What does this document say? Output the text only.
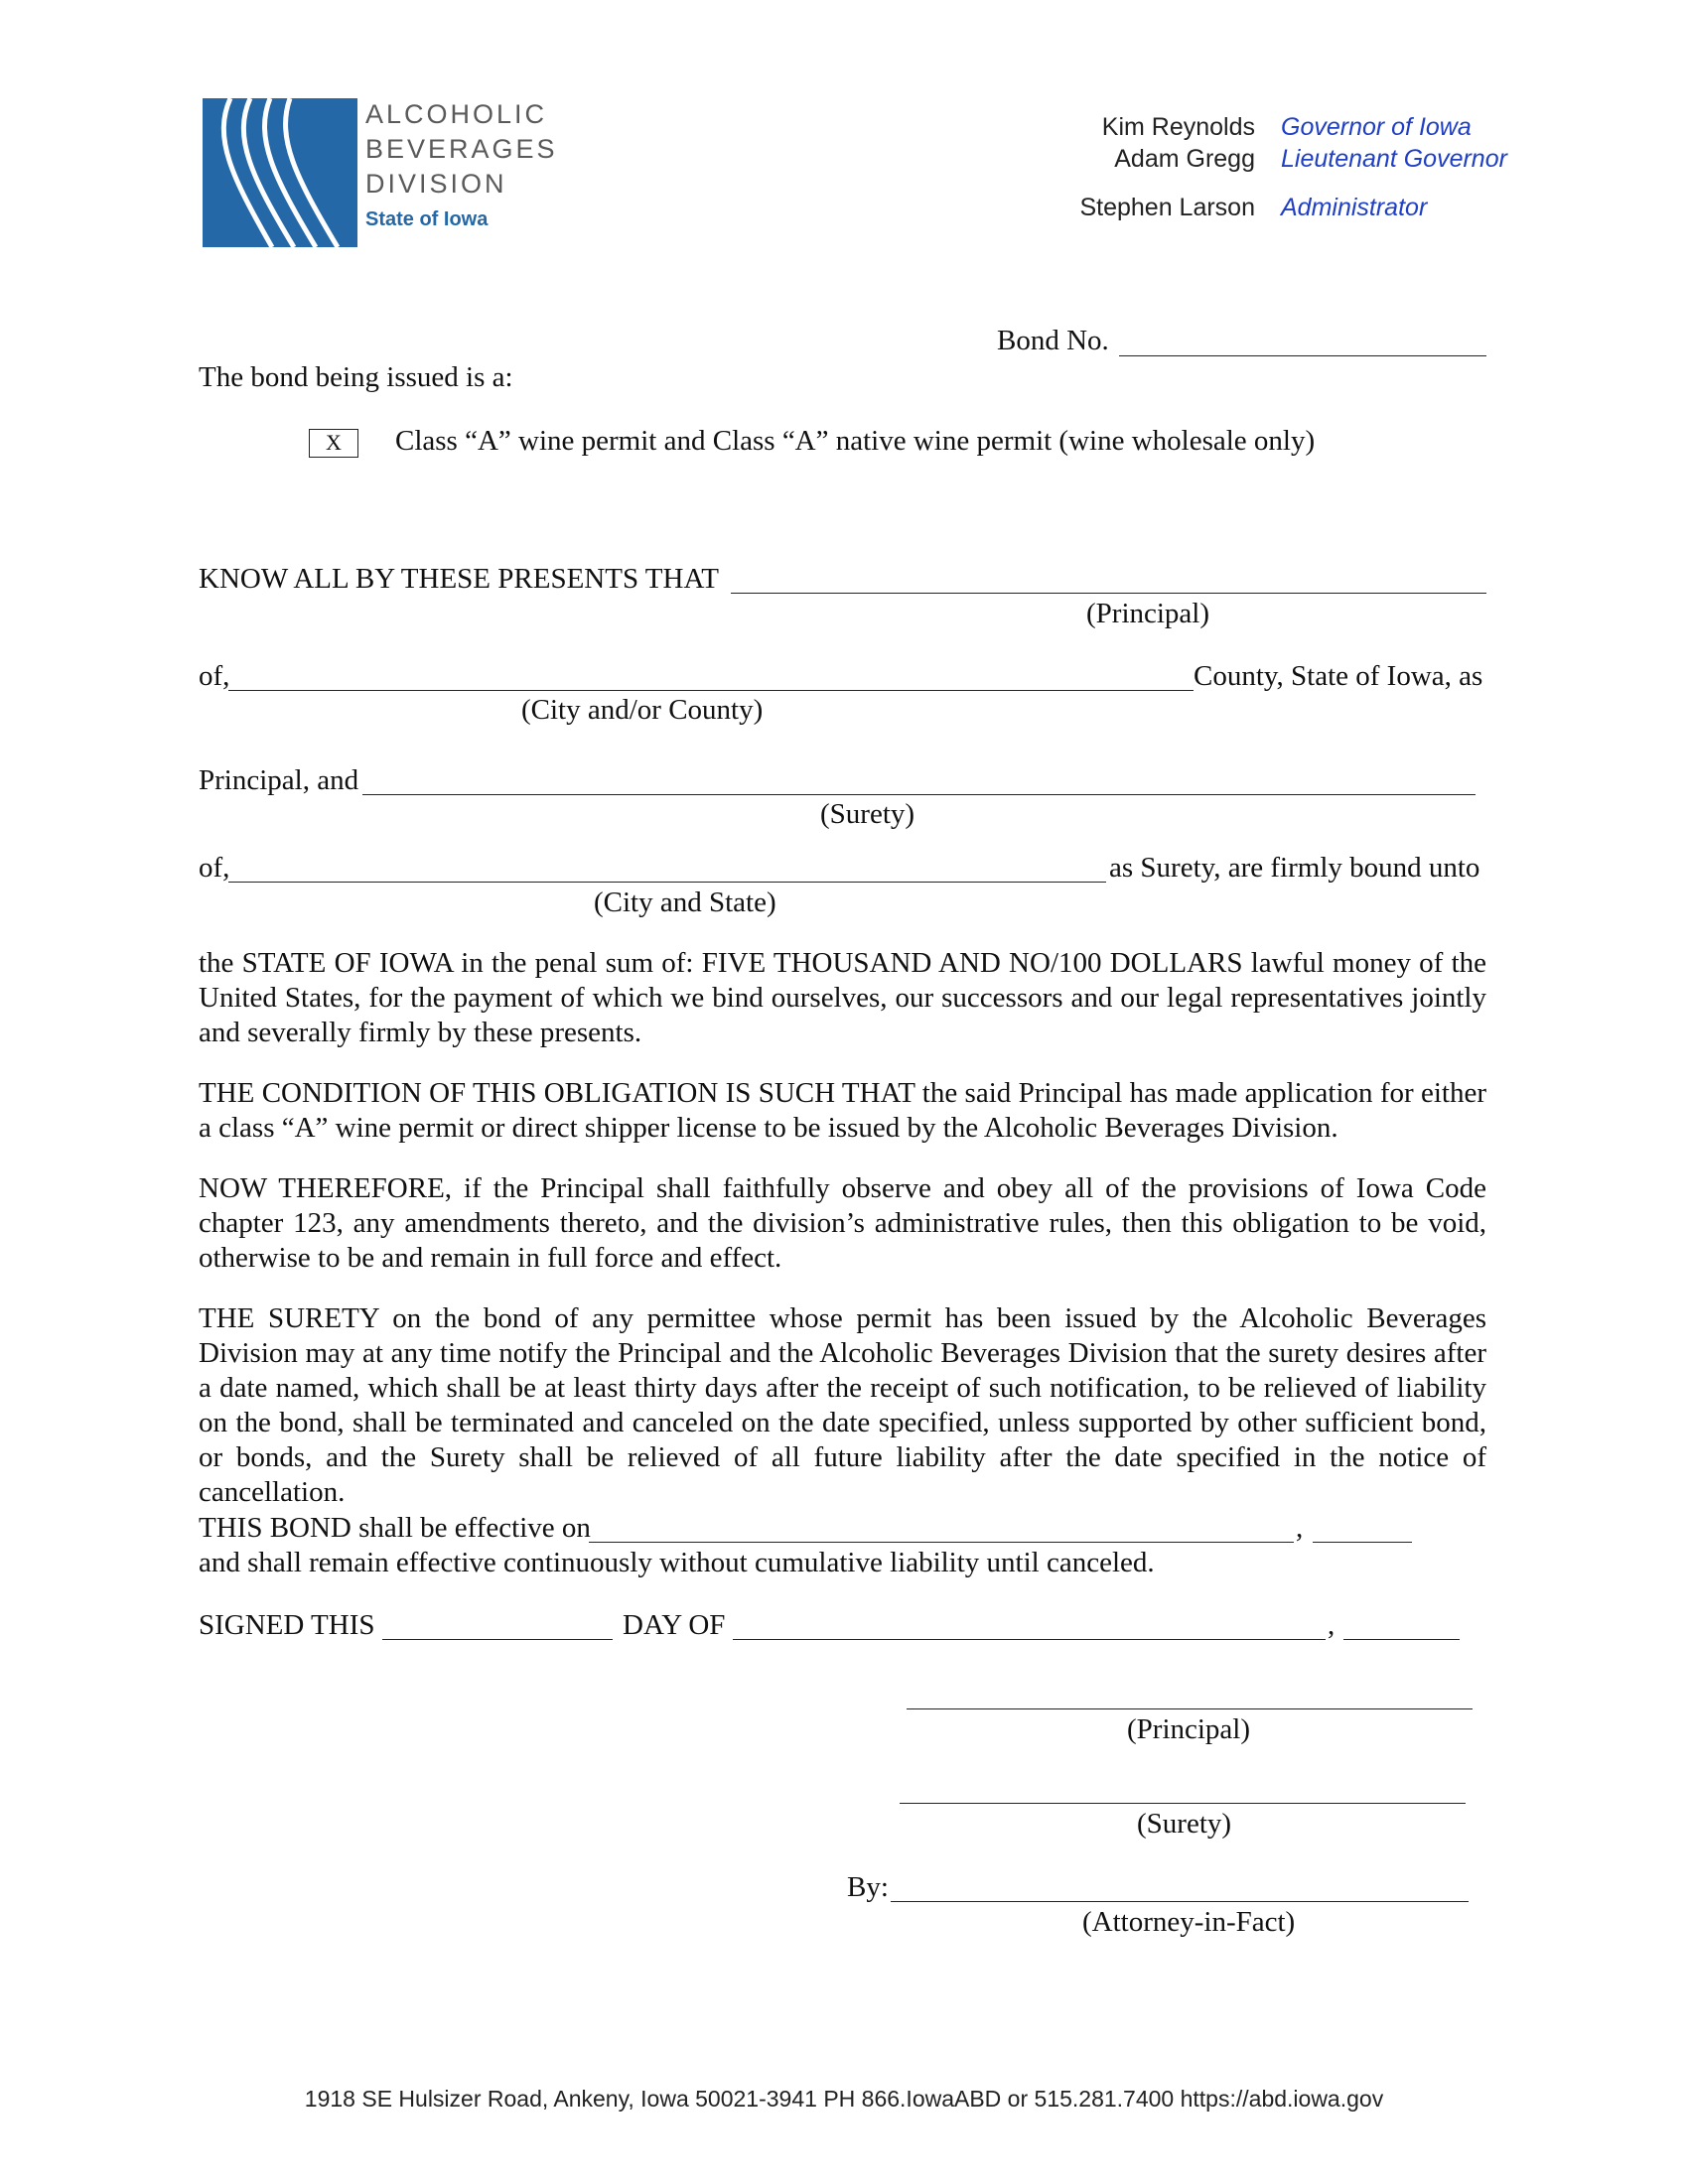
ALCOHOLIC
BEVERAGES
DIVISION
State of Iowa
Kim Reynolds Governor of Iowa
Adam Gregg Lieutenant Governor
Stephen Larson Administrator
Bond No.
The bond being issued is a:
X	Class “A” wine permit and Class “A” native wine permit (wine wholesale only)
KNOW ALL BY THESE PRESENTS THAT
(Principal)
of,	County, State of Iowa, as
(City and/or County)
Principal, and
(Surety)
of,	as Surety, are firmly bound unto
(City and State)
the STATE OF IOWA in the penal sum of: FIVE THOUSAND AND NO/100 DOLLARS lawful money of the United States, for the payment of which we bind ourselves, our successors and our legal representatives jointly and severally firmly by these presents.
THE CONDITION OF THIS OBLIGATION IS SUCH THAT the said Principal has made application for either a class “A” wine permit or direct shipper license to be issued by the Alcoholic Beverages Division.
NOW THEREFORE, if the Principal shall faithfully observe and obey all of the provisions of Iowa Code chapter 123, any amendments thereto, and the division’s administrative rules, then this obligation to be void, otherwise to be and remain in full force and effect.
THE SURETY on the bond of any permittee whose permit has been issued by the Alcoholic Beverages Division may at any time notify the Principal and the Alcoholic Beverages Division that the surety desires after a date named, which shall be at least thirty days after the receipt of such notification, to be relieved of liability on the bond, shall be terminated and canceled on the date specified, unless supported by other sufficient bond, or bonds, and the Surety shall be relieved of all future liability after the date specified in the notice of cancellation.
THIS BOND shall be effective on	,
and shall remain effective continuously without cumulative liability until canceled.
SIGNED THIS	DAY OF	,
(Principal)
(Surety)
By:
(Attorney-in-Fact)
1918 SE Hulsizer Road, Ankeny, Iowa 50021-3941 PH 866.IowaABD or 515.281.7400 https://abd.iowa.gov
